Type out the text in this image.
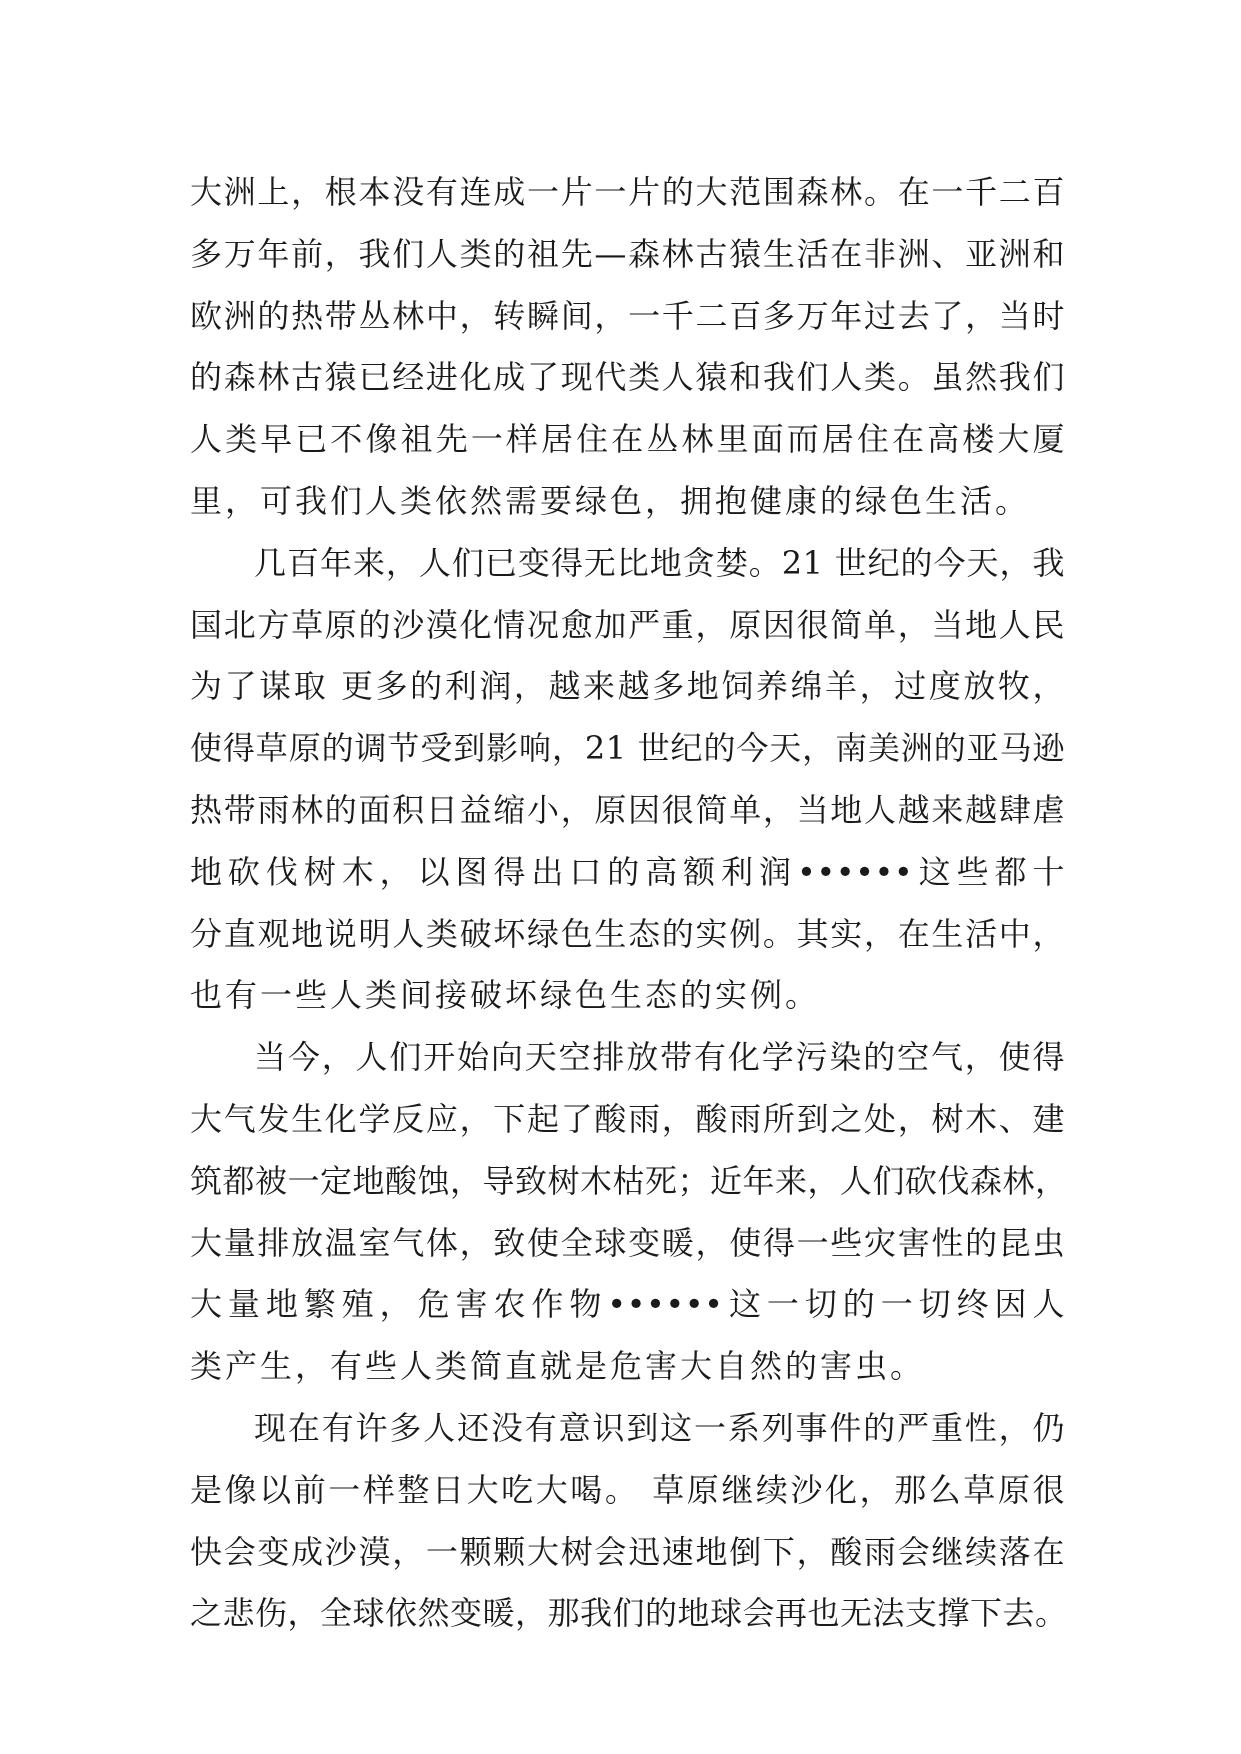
大洲上，根本没有连成一片一片的大范围森林。在一千二百
多万年前，我们人类的祖先—森林古猿生活在非洲、亚洲和
欧洲的热带丛林中，转瞬间，一千二百多万年过去了，当时
的森林古猿已经进化成了现代类人猿和我们人类。虽然我们
人类早已不像祖先一样居住在丛林里面而居住在高楼大厦
里，可我们人类依然需要绿色，拥抱健康的绿色生活。
几百年来，人们已变得无比地贪婪。21 世纪的今天，我
国北方草原的沙漠化情况愈加严重，原因很简单，当地人民
为了谋取 更多的利润，越来越多地饲养绵羊，过度放牧，
使得草原的调节受到影响，21 世纪的今天，南美洲的亚马逊
热带雨林的面积日益缩小，原因很简单，当地人越来越肆虐
地砍伐树木，以图得出口的高额利润••••••这些都十
分直观地说明人类破坏绿色生态的实例。其实，在生活中，
也有一些人类间接破坏绿色生态的实例。
当今，人们开始向天空排放带有化学污染的空气，使得
大气发生化学反应，下起了酸雨，酸雨所到之处，树木、建
筑都被一定地酸蚀，导致树木枯死；近年来，人们砍伐森林，
大量排放温室气体，致使全球变暖，使得一些灾害性的昆虫
大量地繁殖，危害农作物••••••这一切的一切终因人
类产生，有些人类简直就是危害大自然的害虫。
现在有许多人还没有意识到这一系列事件的严重性，仍
是像以前一样整日大吃大喝。 草原继续沙化，那么草原很
快会变成沙漠，一颗颗大树会迅速地倒下，酸雨会继续落在
之悲伤，全球依然变暖，那我们的地球会再也无法支撑下去。
